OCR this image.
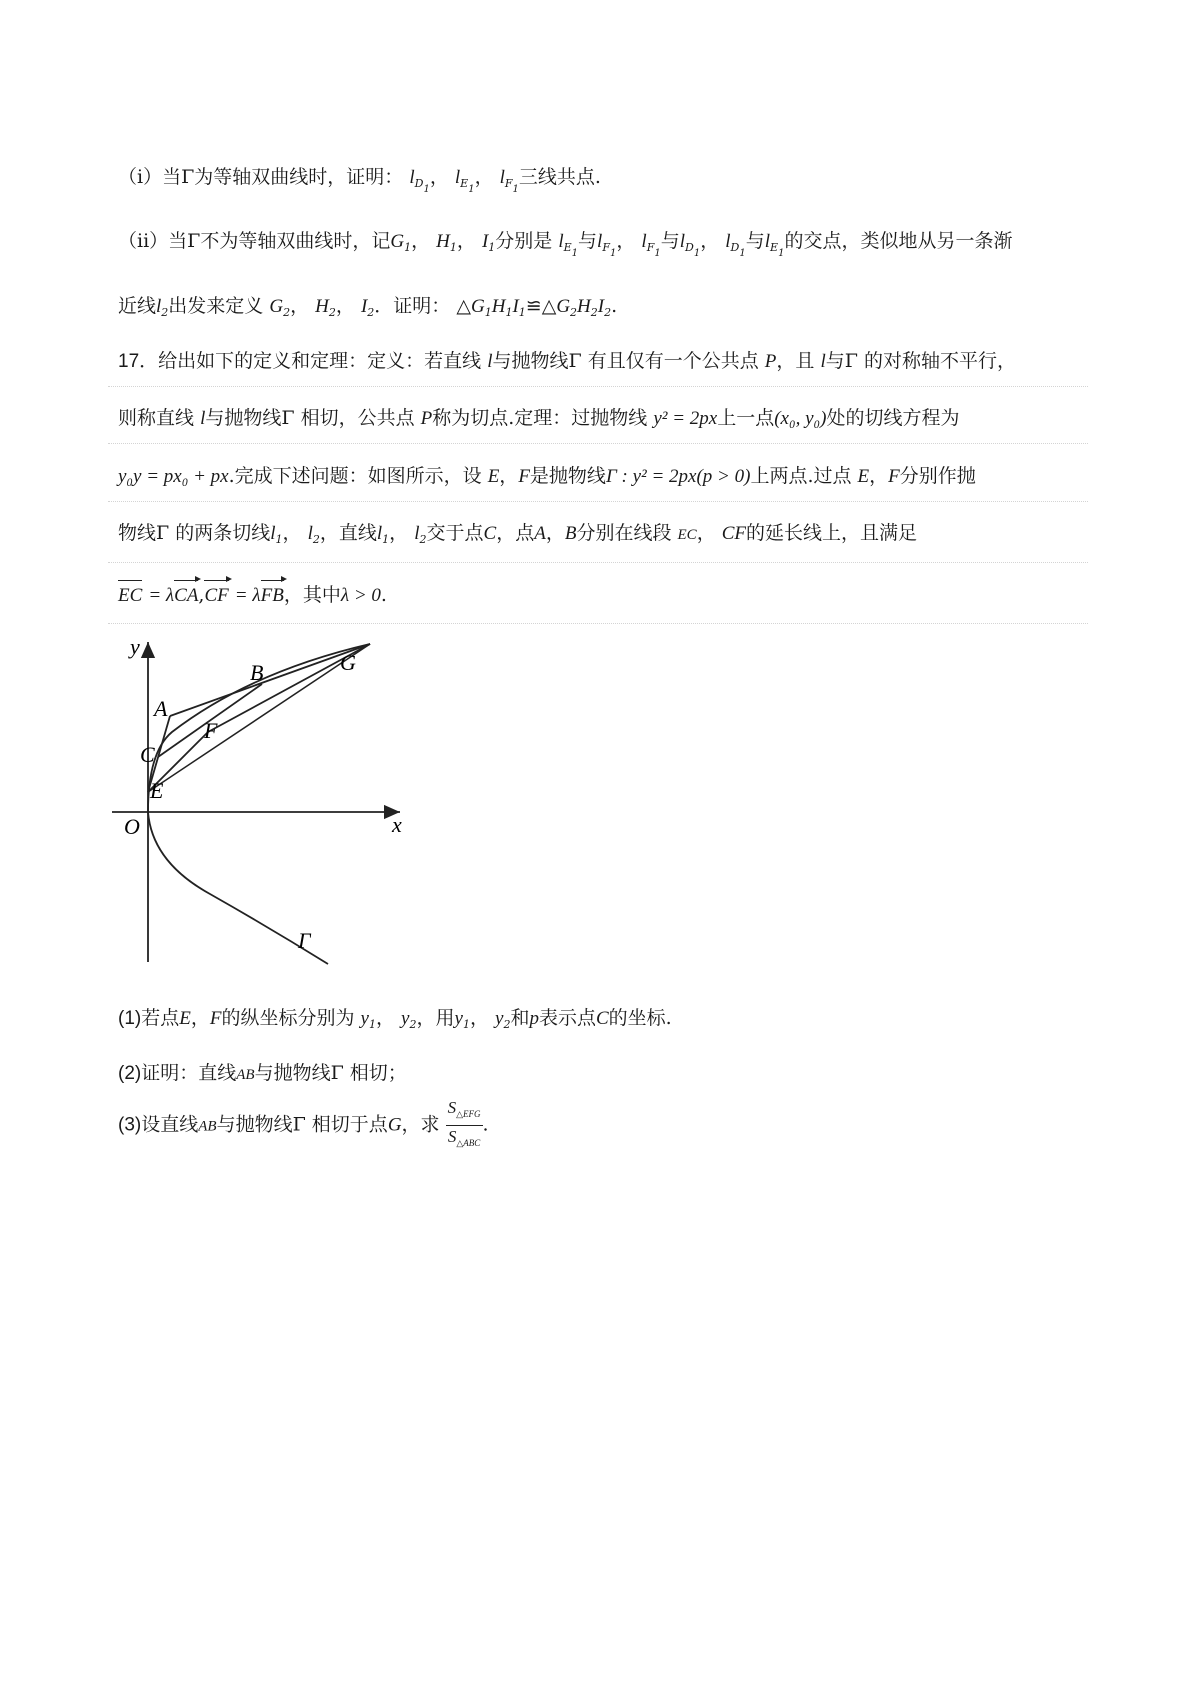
（i）当Γ为等轴双曲线时，证明： $l_{D1}$， $l_{E1}$， $l_{F1}$三线共点.
（ii）当Γ不为等轴双曲线时，记$G_1$， $H_1$， $I_1$分别是 $l_{E1}$与$l_{F1}$， $l_{F1}$与$l_{D1}$， $l_{D1}$与$l_{E1}$的交点，类似地从另一条渐
近线$l_2$出发来定义 $G_2$， $H_2$， $I_2$．证明： $\triangle G_1H_1I_1≌\triangle G_2H_2I_2$.
17．给出如下的定义和定理：定义：若直线 l与抛物线Γ 有且仅有一个公共点 P，且 l与Γ 的对称轴不平行，
则称直线 l与抛物线Γ 相切，公共点 P称为切点.定理：过抛物线 y² = 2px上一点(x₀, y₀)处的切线方程为
y₀y = px₀ + px.完成下述问题：如图所示，设 E，F是抛物线Γ : y² = 2px(p > 0)上两点.过点 E，F分别作抛
物线Γ 的两条切线$l_1$， $l_2$，直线$l_1$， $l_2$交于点C，点A，B分别在线段 EC， CF的延长线上，且满足
EC = λCA,CF = λFB，其中λ > 0.
y
x
O
A
B
C
E
F
G
Γ
(1)若点E，F的纵坐标分别为 $y_1$， $y_2$，用$y_1$， $y_2$和p表示点C的坐标.
(2)证明：直线AB与抛物线Γ 相切；
(3)设直线AB与抛物线Γ 相切于点G，求 $\frac{S_{\triangle EFG}}{S_{\triangle ABC}}$ .
